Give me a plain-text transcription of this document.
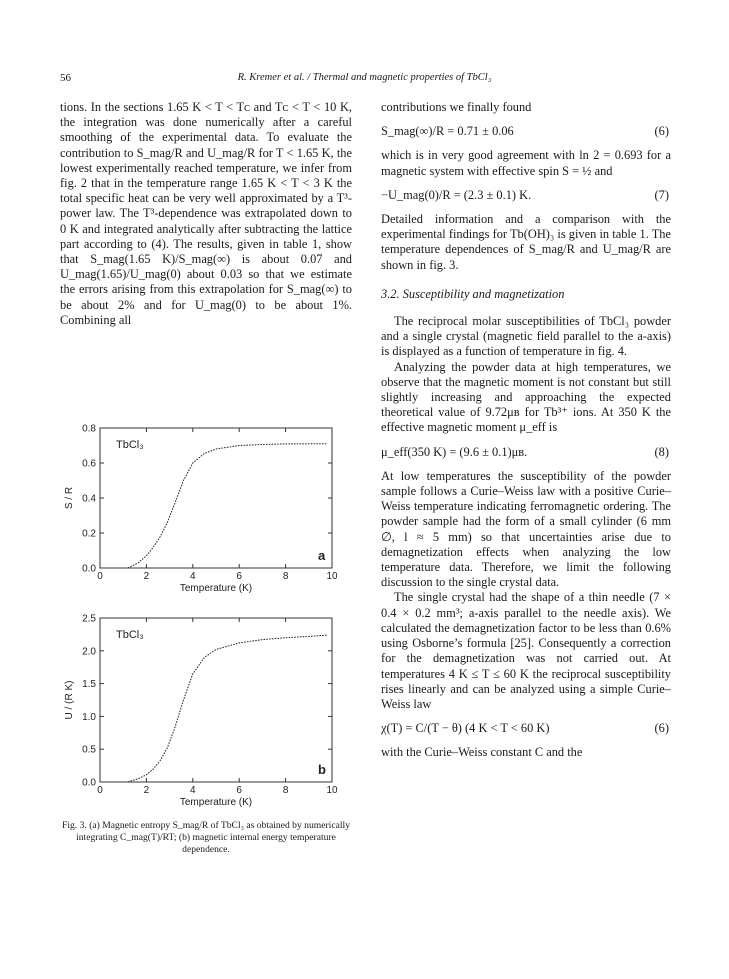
56	R. Kremer et al. / Thermal and magnetic properties of TbCl₃

tions. In the sections 1.65 K < T < Tᴄ and Tᴄ < T < 10 K, the integration was done numerically after a careful smoothing of the experimental data. To evaluate the contribution to S_mag/R and U_mag/R for T < 1.65 K, the lowest experimentally reached temperature, we infer from fig. 2 that in the temperature range 1.65 K < T < 3 K the total specific heat can be very well approximated by a T³-power law. The T³-dependence was extrapolated down to 0 K and integrated analytically after subtracting the lattice part according to (4). The results, given in table 1, show that S_mag(1.65 K)/S_mag(∞) is about 0.07 and U_mag(1.65)/U_mag(0) about 0.03 so that we estimate the errors arising from this extrapolation for S_mag(∞) to be about 2% and for U_mag(0) to be about 1%. Combining all

0	2	4	6	8	10
0.0
0.2
0.4
0.6
0.8
Temperature (K)
S / R
TbCl₃
a
0	2	4	6	8	10
0.0
0.5
1.0
1.5
2.0
2.5
Temperature (K)
U / (R K)
TbCl₃
b
Fig. 3. (a) Magnetic entropy S_mag/R of TbCl₃ as obtained by numerically integrating C_mag(T)/RT; (b) magnetic internal energy temperature dependence.

contributions we finally found

S_mag(∞)/R = 0.71 ± 0.06	(6)

which is in very good agreement with ln 2 = 0.693 for a magnetic system with effective spin S = ½ and

−U_mag(0)/R = (2.3 ± 0.1) K.	(7)

Detailed information and a comparison with the experimental findings for Tb(OH)₃ is given in table 1. The temperature dependences of S_mag/R and U_mag/R are shown in fig. 3.

3.2. Susceptibility and magnetization

The reciprocal molar susceptibilities of TbCl₃ powder and a single crystal (magnetic field parallel to the a-axis) is displayed as a function of temperature in fig. 4.

Analyzing the powder data at high temperatures, we observe that the magnetic moment is not constant but still slightly increasing and approaching the expected theoretical value of 9.72μʙ for Tb³⁺ ions. At 350 K the effective magnetic moment μ_eff is

μ_eff(350 K) = (9.6 ± 0.1)μʙ.	(8)

At low temperatures the susceptibility of the powder sample follows a Curie–Weiss law with a positive Curie–Weiss temperature indicating ferromagnetic ordering. The powder sample had the form of a small cylinder (6 mm ∅, l ≈ 5 mm) so that uncertainties arise due to demagnetization effects when analyzing the low temperature data. Therefore, we limit the following discussion to the single crystal data.

The single crystal had the shape of a thin needle (7 × 0.4 × 0.2 mm³; a-axis parallel to the needle axis). We calculated the demagnetization factor to be less than 0.6% using Osborne’s formula [25]. Consequently a correction for the demagnetization was not carried out. At temperatures 4 K ≤ T ≤ 60 K the reciprocal susceptibility rises linearly and can be analyzed using a simple Curie–Weiss law

χ(T) = C/(T − θ) (4 K < T < 60 K)	(6)

with the Curie–Weiss constant C and the
